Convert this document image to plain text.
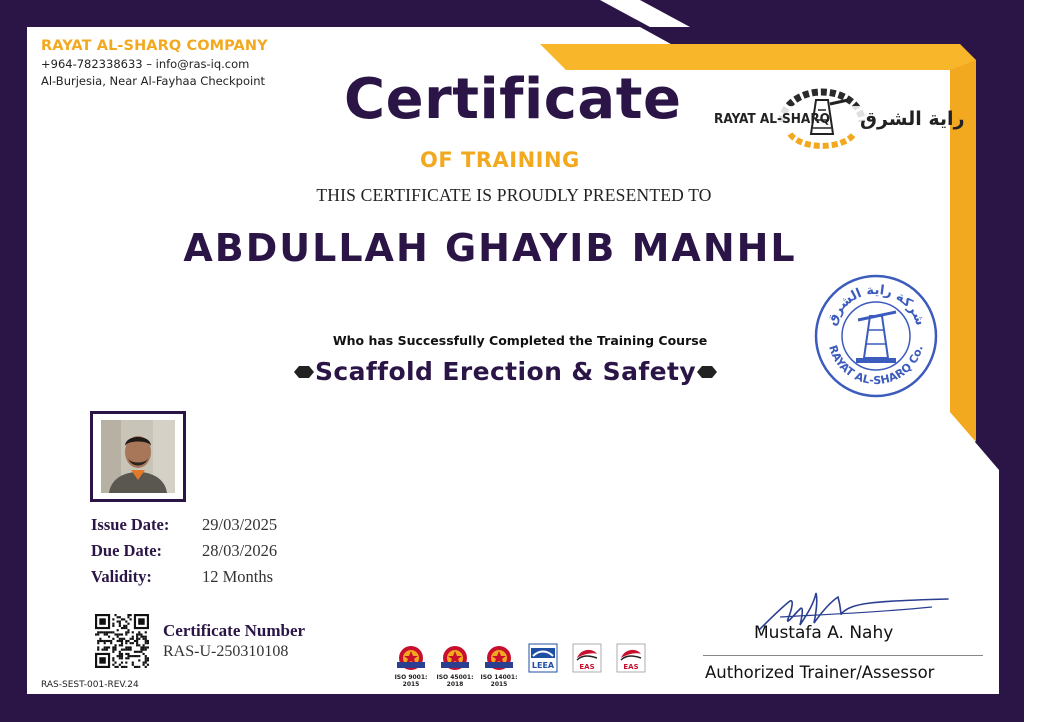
RAYAT AL-SHARQ COMPANY
+964-782338633 – info@ras-iq.com
Al-Burjesia, Near Al-Fayhaa Checkpoint Certificate
OF TRAINING
THIS CERTIFICATE IS PROUDLY PRESENTED TO
ABDULLAH GHAYIB MANHL
Who has Successfully Completed the Training Course
Scaffold Erection & Safety
RAYAT AL-SHARQ راية الشرق
شركة راية الشرق
RAYAT AL-SHARQ Co.
Issue Date:	29/03/2025
Due Date:	28/03/2026
Validity:	12 Months
Certificate Number
RAS-U-250310108
RAS-SEST-001-REV.24
ISO 9001:
2015
ISO 45001:
2018
ISO 14001:
2015
LEEA	EAS	EAS
Mustafa A. Nahy
Authorized Trainer/Assessor
